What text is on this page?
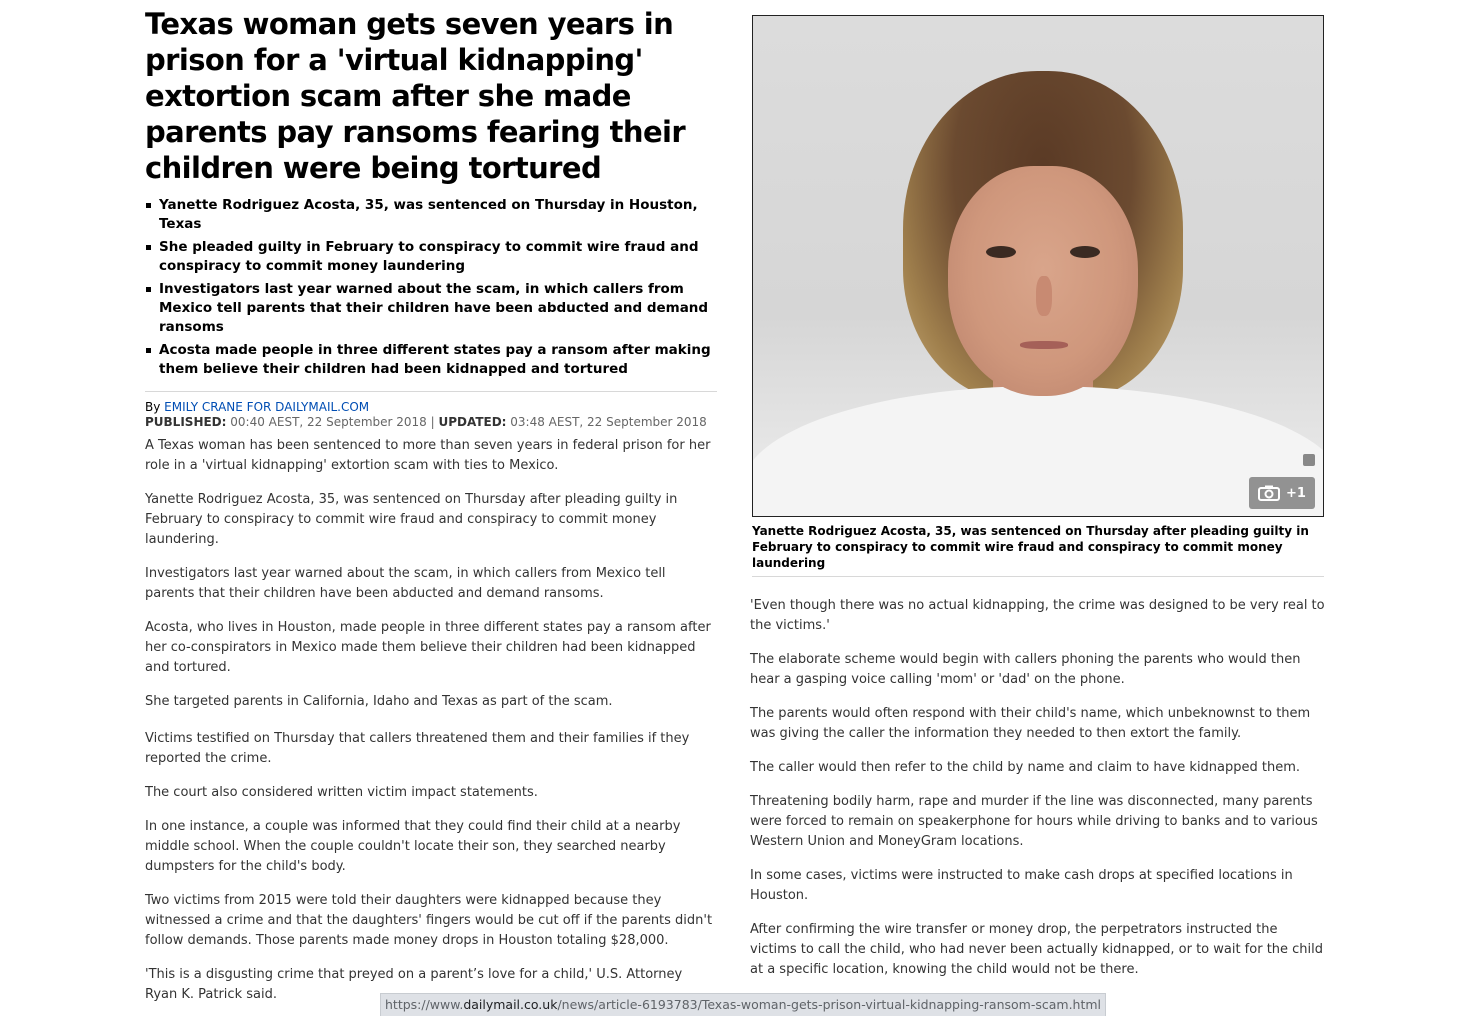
Texas woman gets seven years in prison for a 'virtual kidnapping' extortion scam after she made parents pay ransoms fearing their children were being tortured
Yanette Rodriguez Acosta, 35, was sentenced on Thursday in Houston, Texas
She pleaded guilty in February to conspiracy to commit wire fraud and conspiracy to commit money laundering
Investigators last year warned about the scam, in which callers from Mexico tell parents that their children have been abducted and demand ransoms
Acosta made people in three different states pay a ransom after making them believe their children had been kidnapped and tortured
By EMILY CRANE FOR DAILYMAIL.COM
PUBLISHED: 00:40 AEST, 22 September 2018 | UPDATED: 03:48 AEST, 22 September 2018

A Texas woman has been sentenced to more than seven years in federal prison for her role in a 'virtual kidnapping' extortion scam with ties to Mexico.

Yanette Rodriguez Acosta, 35, was sentenced on Thursday after pleading guilty in February to conspiracy to commit wire fraud and conspiracy to commit money laundering.

Investigators last year warned about the scam, in which callers from Mexico tell parents that their children have been abducted and demand ransoms.

Acosta, who lives in Houston, made people in three different states pay a ransom after her co-conspirators in Mexico made them believe their children had been kidnapped and tortured.

She targeted parents in California, Idaho and Texas as part of the scam.

Victims testified on Thursday that callers threatened them and their families if they reported the crime.

The court also considered written victim impact statements.

In one instance, a couple was informed that they could find their child at a nearby middle school. When the couple couldn't locate their son, they searched nearby dumpsters for the child's body.

Two victims from 2015 were told their daughters were kidnapped because they witnessed a crime and that the daughters' fingers would be cut off if the parents didn't follow demands. Those parents made money drops in Houston totaling $28,000.

'This is a disgusting crime that preyed on a parent’s love for a child,' U.S. Attorney Ryan K. Patrick said.

+1
Yanette Rodriguez Acosta, 35, was sentenced on Thursday after pleading guilty in February to conspiracy to commit wire fraud and conspiracy to commit money laundering

'Even though there was no actual kidnapping, the crime was designed to be very real to the victims.'

The elaborate scheme would begin with callers phoning the parents who would then hear a gasping voice calling 'mom' or 'dad' on the phone.

The parents would often respond with their child's name, which unbeknownst to them was giving the caller the information they needed to then extort the family.

The caller would then refer to the child by name and claim to have kidnapped them.

Threatening bodily harm, rape and murder if the line was disconnected, many parents were forced to remain on speakerphone for hours while driving to banks and to various Western Union and MoneyGram locations.

In some cases, victims were instructed to make cash drops at specified locations in Houston.

After confirming the wire transfer or money drop, the perpetrators instructed the victims to call the child, who had never been actually kidnapped, or to wait for the child at a specific location, knowing the child would not be there.

https://www.dailymail.co.uk/news/article-6193783/Texas-woman-gets-prison-virtual-kidnapping-ransom-scam.html
